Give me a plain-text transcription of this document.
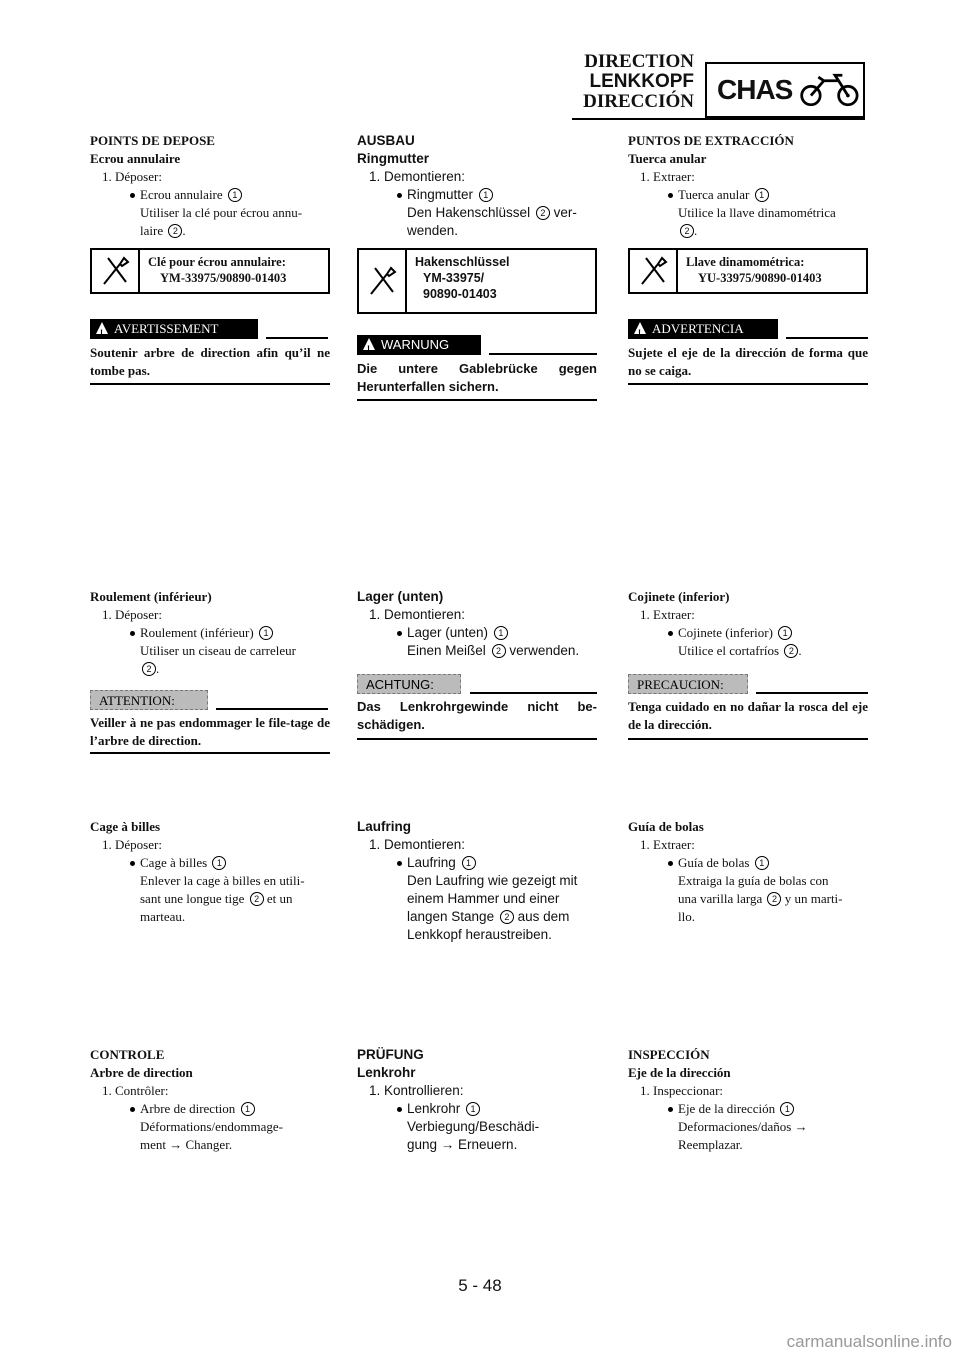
DIRECTION
LENKKOPF
DIRECCIÓN CHAS
POINTS DE DEPOSE
Ecrou annulaire
1. Déposer:
Ecrou annulaire 1
Utiliser la clé pour écrou annu-
laire 2 .
Clé pour écrou annulaire:
YM-33975/90890-01403
!
AVERTISSEMENT
Soutenir arbre de direction afin qu’il ne tombe pas.
Roulement (inférieur)
1. Déposer:
Roulement (inférieur) 1
Utiliser un ciseau de carreleur
2 .
ATTENTION:
Veiller à ne pas endommager le file-tage de l’arbre de direction.
Cage à billes
1. Déposer:
Cage à billes 1
Enlever la cage à billes en utili-
sant une longue tige 2 et un
marteau.
CONTROLE
Arbre de direction
1. Contrôler:
Arbre de direction 1
Déformations/endommage-
ment → Changer.
AUSBAU
Ringmutter
1. Demontieren:
Ringmutter 1
Den Hakenschlüssel 2 ver-
wenden.
Hakenschlüssel
YM-33975/
90890-01403
!
WARNUNG
Die untere Gablebrücke gegen Herunterfallen sichern.
Lager (unten)
1. Demontieren:
Lager (unten) 1
Einen Meißel 2 verwenden.
ACHTUNG:
Das Lenkrohrgewinde nicht be-schädigen.
Laufring
1. Demontieren:
Laufring 1
Den Laufring wie gezeigt mit
einem Hammer und einer
langen Stange 2 aus dem
Lenkkopf heraustreiben.
PRÜFUNG
Lenkrohr
1. Kontrollieren:
Lenkrohr 1
Verbiegung/Beschädi-
gung → Erneuern.
PUNTOS DE EXTRACCIÓN
Tuerca anular
1. Extraer:
Tuerca anular 1
Utilice la llave dinamométrica
2 .
Llave dinamométrica:
YU-33975/90890-01403
!
ADVERTENCIA
Sujete el eje de la dirección de forma que no se caiga.
Cojinete (inferior)
1. Extraer:
Cojinete (inferior) 1
Utilice el cortafríos 2 .
PRECAUCION:
Tenga cuidado en no dañar la rosca del eje de la dirección.
Guía de bolas
1. Extraer:
Guía de bolas 1
Extraiga la guía de bolas con
una varilla larga 2 y un marti-
llo.
INSPECCIÓN
Eje de la dirección
1. Inspeccionar:
Eje de la dirección 1
Deformaciones/daños →
Reemplazar.
5 - 48
carmanualsonline.info
